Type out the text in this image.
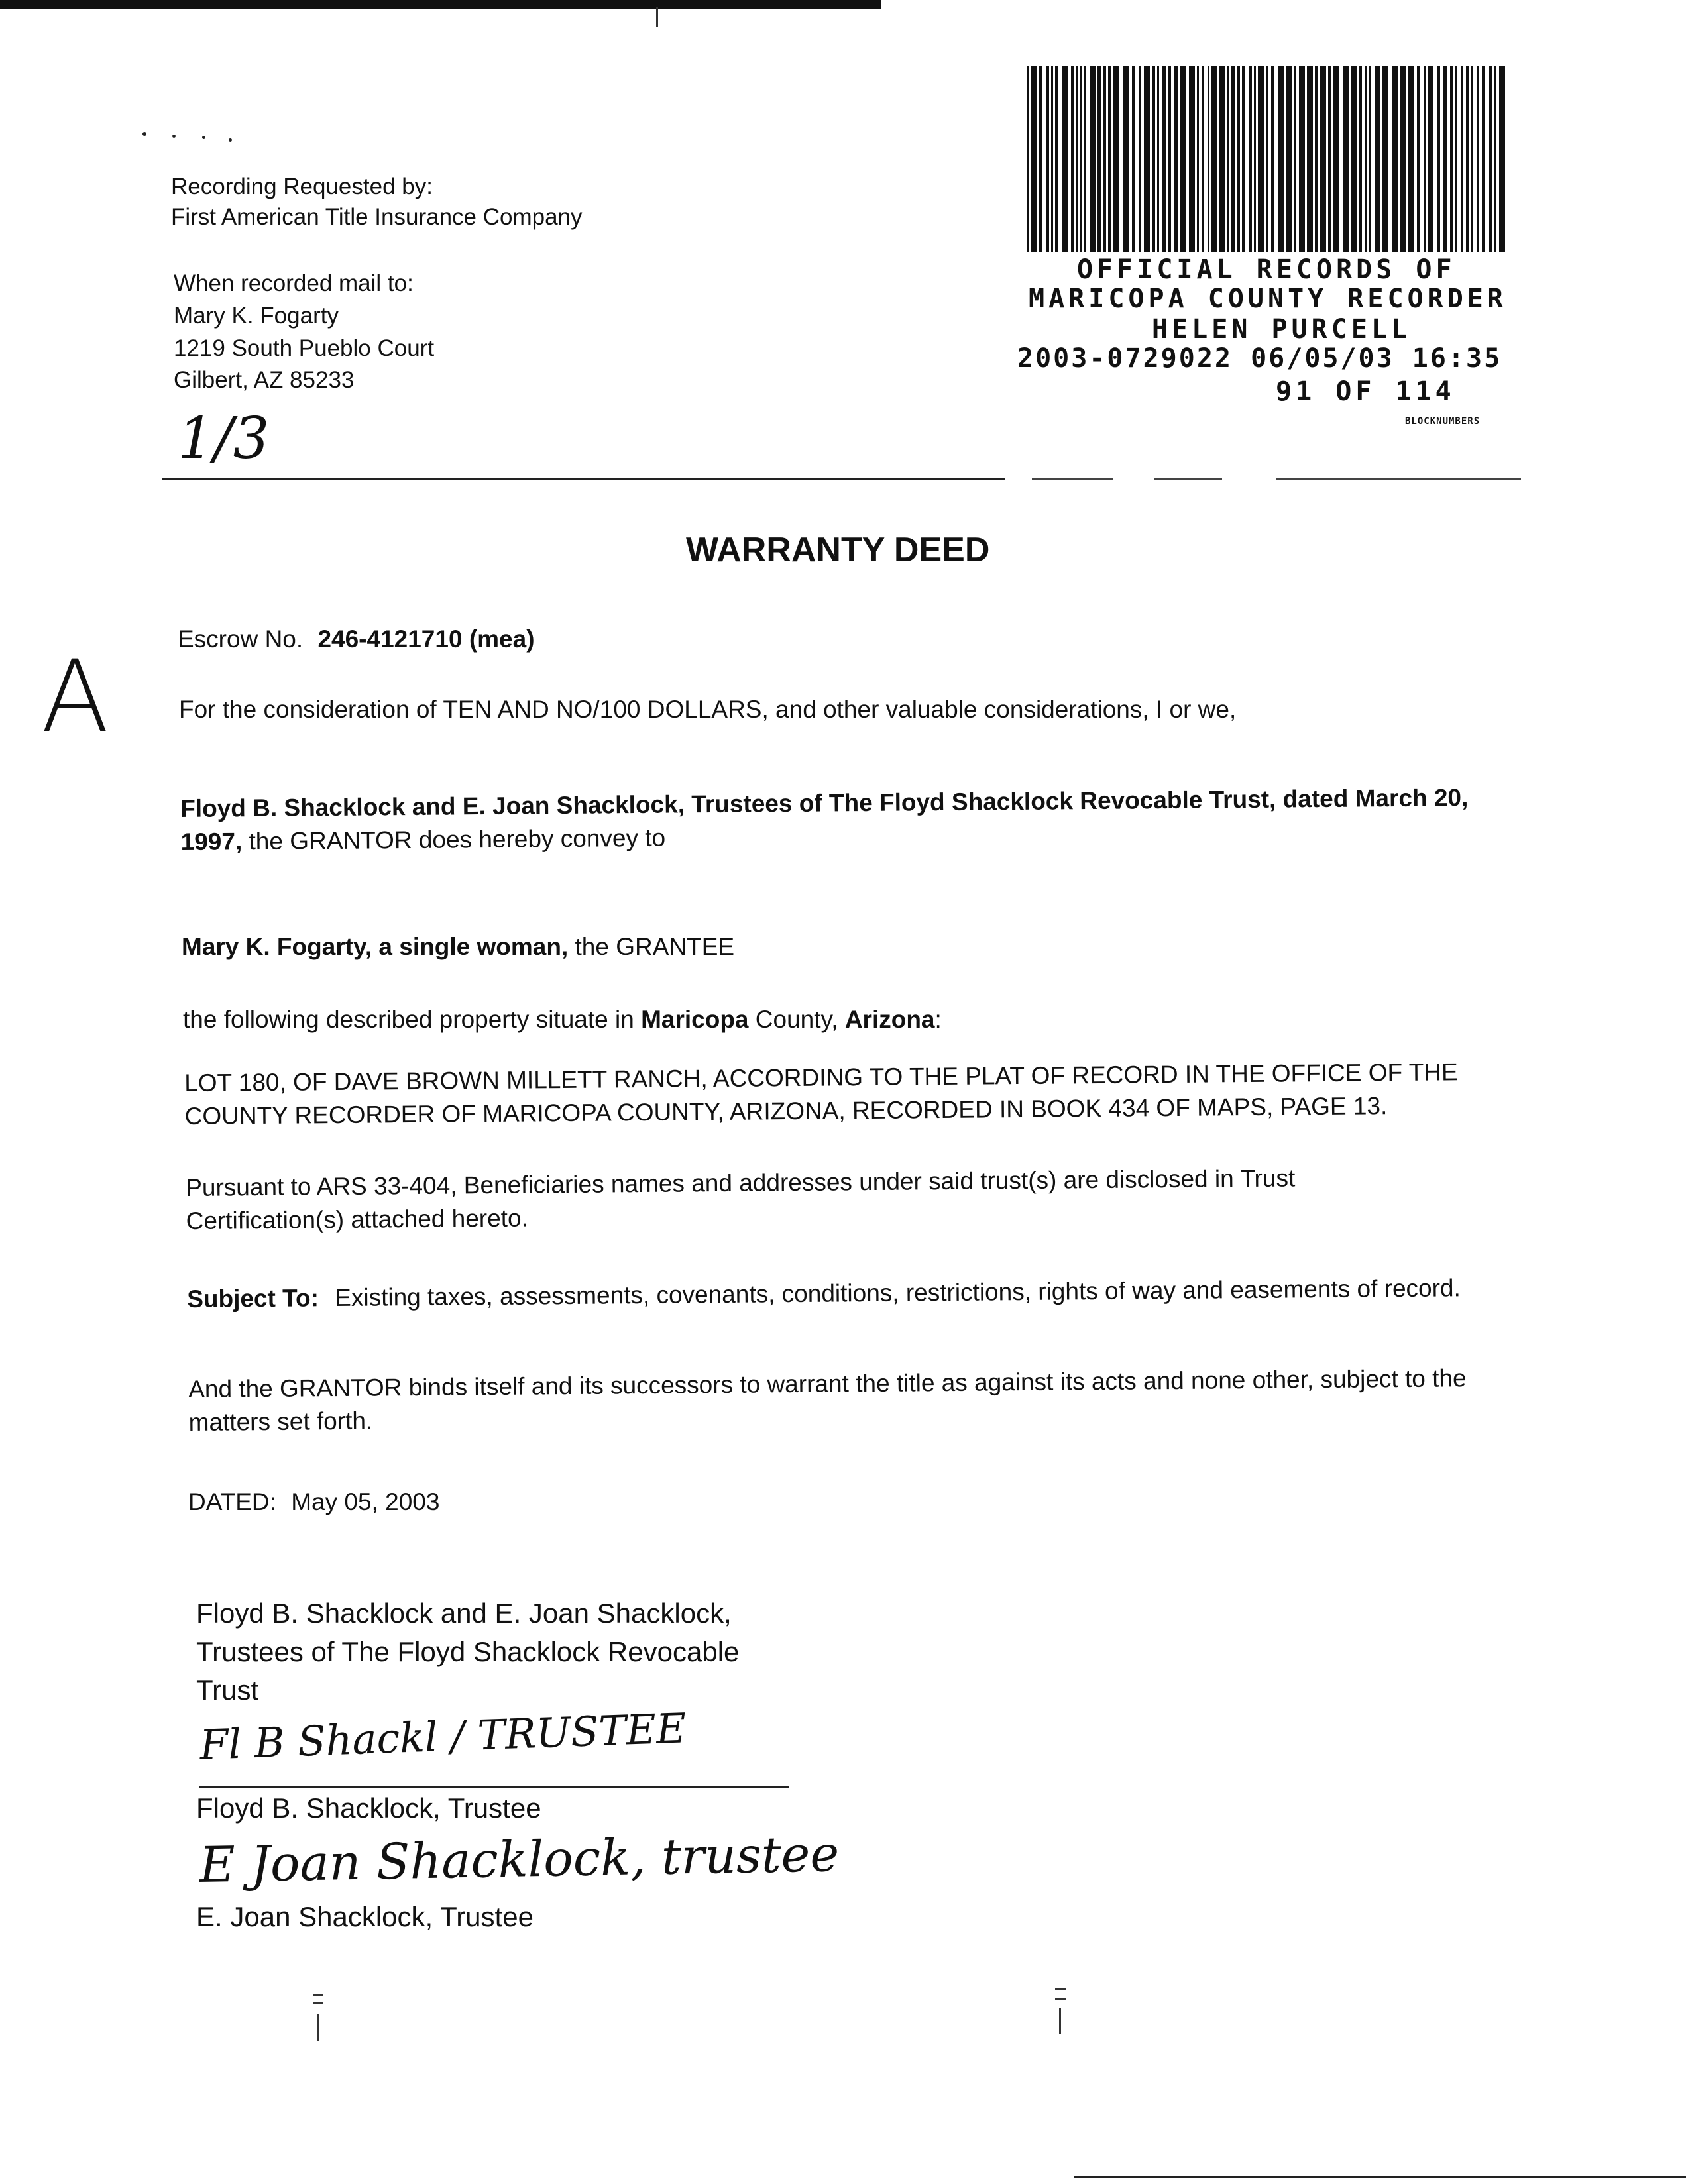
Recording Requested by:
First American Title Insurance Company
When recorded mail to:
Mary K. Fogarty
1219 South Pueblo Court
Gilbert, AZ 85233
1/3
OFFICIAL RECORDS OF
MARICOPA COUNTY RECORDER
HELEN PURCELL
2003-0729022 06/05/03 16:35
91 OF 114
BLOCKNUMBERS
A
WARRANTY DEED
Escrow No. 246-4121710 (mea)
For the consideration of TEN AND NO/100 DOLLARS, and other valuable considerations, I or we,
Floyd B. Shacklock and E. Joan Shacklock, Trustees of The Floyd Shacklock Revocable Trust, dated March 20, 1997, the GRANTOR does hereby convey to
Mary K. Fogarty, a single woman, the GRANTEE
the following described property situate in Maricopa County, Arizona:
LOT 180, OF DAVE BROWN MILLETT RANCH, ACCORDING TO THE PLAT OF RECORD IN THE OFFICE OF THE COUNTY RECORDER OF MARICOPA COUNTY, ARIZONA, RECORDED IN BOOK 434 OF MAPS, PAGE 13.
Pursuant to ARS 33-404, Beneficiaries names and addresses under said trust(s) are disclosed in Trust Certification(s) attached hereto.
Subject To: Existing taxes, assessments, covenants, conditions, restrictions, rights of way and easements of record.
And the GRANTOR binds itself and its successors to warrant the title as against its acts and none other, subject to the matters set forth.
DATED: May 05, 2003
Floyd B. Shacklock and E. Joan Shacklock,
Trustees of The Floyd Shacklock Revocable
Trust
Fl B Shackl / TRUSTEE
Floyd B. Shacklock, Trustee
E Joan Shacklock, trustee
E. Joan Shacklock, Trustee
